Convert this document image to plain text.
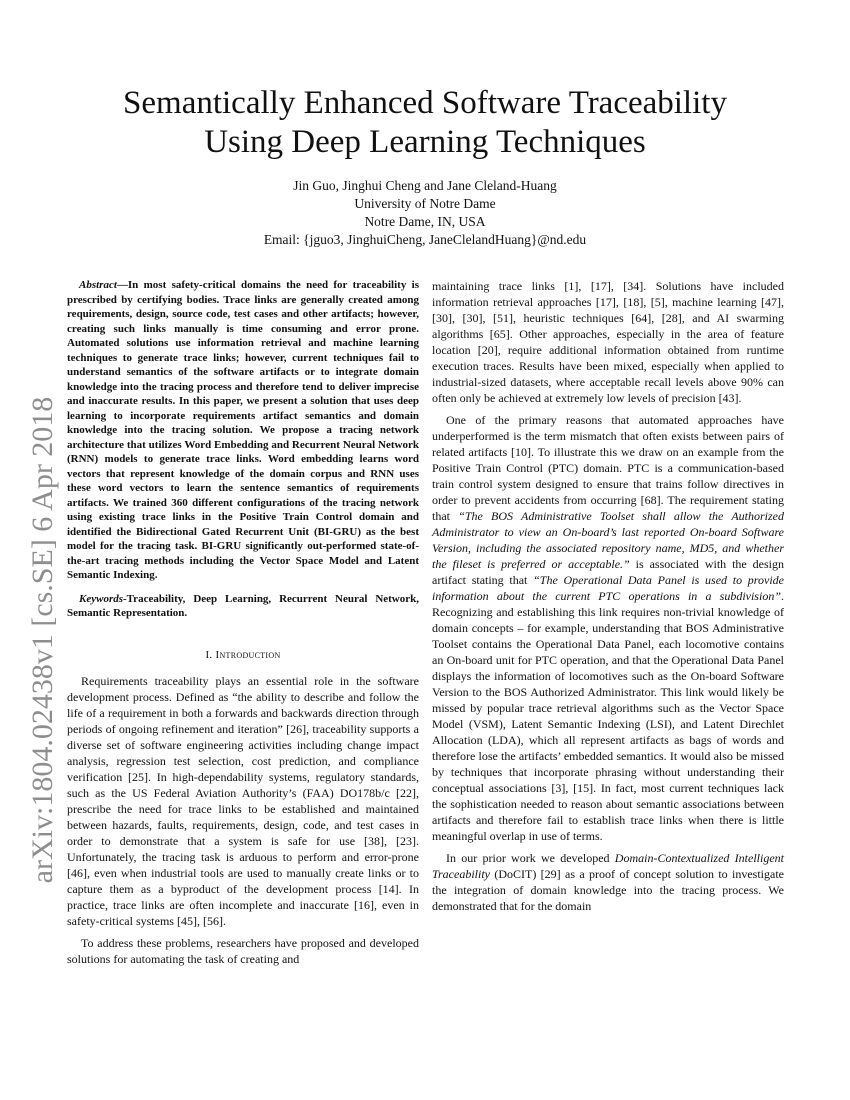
arXiv:1804.02438v1 [cs.SE] 6 Apr 2018
Semantically Enhanced Software Traceability
Using Deep Learning Techniques
Jin Guo, Jinghui Cheng and Jane Cleland-Huang
University of Notre Dame
Notre Dame, IN, USA
Email: {jguo3, JinghuiCheng, JaneClelandHuang}@nd.edu

Abstract—In most safety-critical domains the need for traceability is prescribed by certifying bodies. Trace links are generally created among requirements, design, source code, test cases and other artifacts; however, creating such links manually is time consuming and error prone. Automated solutions use information retrieval and machine learning techniques to generate trace links; however, current techniques fail to understand semantics of the software artifacts or to integrate domain knowledge into the tracing process and therefore tend to deliver imprecise and inaccurate results. In this paper, we present a solution that uses deep learning to incorporate requirements artifact semantics and domain knowledge into the tracing solution. We propose a tracing network architecture that utilizes Word Embedding and Recurrent Neural Network (RNN) models to generate trace links. Word embedding learns word vectors that represent knowledge of the domain corpus and RNN uses these word vectors to learn the sentence semantics of requirements artifacts. We trained 360 different configurations of the tracing network using existing trace links in the Positive Train Control domain and identified the Bidirectional Gated Recurrent Unit (BI-GRU) as the best model for the tracing task. BI-GRU significantly out-performed state-of-the-art tracing methods including the Vector Space Model and Latent Semantic Indexing.

Keywords-Traceability, Deep Learning, Recurrent Neural Network, Semantic Representation.

I. Introduction

Requirements traceability plays an essential role in the software development process. Defined as “the ability to describe and follow the life of a requirement in both a forwards and backwards direction through periods of ongoing refinement and iteration” [26], traceability supports a diverse set of software engineering activities including change impact analysis, regression test selection, cost prediction, and compliance verification [25]. In high-dependability systems, regulatory standards, such as the US Federal Aviation Authority’s (FAA) DO178b/c [22], prescribe the need for trace links to be established and maintained between hazards, faults, requirements, design, code, and test cases in order to demonstrate that a system is safe for use [38], [23]. Unfortunately, the tracing task is arduous to perform and error-prone [46], even when industrial tools are used to manually create links or to capture them as a byproduct of the development process [14]. In practice, trace links are often incomplete and inaccurate [16], even in safety-critical systems [45], [56].

To address these problems, researchers have proposed and developed solutions for automating the task of creating and

maintaining trace links [1], [17], [34]. Solutions have included information retrieval approaches [17], [18], [5], machine learning [47], [30], [30], [51], heuristic techniques [64], [28], and AI swarming algorithms [65]. Other approaches, especially in the area of feature location [20], require additional information obtained from runtime execution traces. Results have been mixed, especially when applied to industrial-sized datasets, where acceptable recall levels above 90% can often only be achieved at extremely low levels of precision [43].

One of the primary reasons that automated approaches have underperformed is the term mismatch that often exists between pairs of related artifacts [10]. To illustrate this we draw on an example from the Positive Train Control (PTC) domain. PTC is a communication-based train control system designed to ensure that trains follow directives in order to prevent accidents from occurring [68]. The requirement stating that “The BOS Administrative Toolset shall allow the Authorized Administrator to view an On-board’s last reported On-board Software Version, including the associated repository name, MD5, and whether the fileset is preferred or acceptable.” is associated with the design artifact stating that “The Operational Data Panel is used to provide information about the current PTC operations in a subdivision”. Recognizing and establishing this link requires non-trivial knowledge of domain concepts – for example, understanding that BOS Administrative Toolset contains the Operational Data Panel, each locomotive contains an On-board unit for PTC operation, and that the Operational Data Panel displays the information of locomotives such as the On-board Software Version to the BOS Authorized Administrator. This link would likely be missed by popular trace retrieval algorithms such as the Vector Space Model (VSM), Latent Semantic Indexing (LSI), and Latent Direchlet Allocation (LDA), which all represent artifacts as bags of words and therefore lose the artifacts’ embedded semantics. It would also be missed by techniques that incorporate phrasing without understanding their conceptual associations [3], [15]. In fact, most current techniques lack the sophistication needed to reason about semantic associations between artifacts and therefore fail to establish trace links when there is little meaningful overlap in use of terms.

In our prior work we developed Domain-Contextualized Intelligent Traceability (DoCIT) [29] as a proof of concept solution to investigate the integration of domain knowledge into the tracing process. We demonstrated that for the domain
